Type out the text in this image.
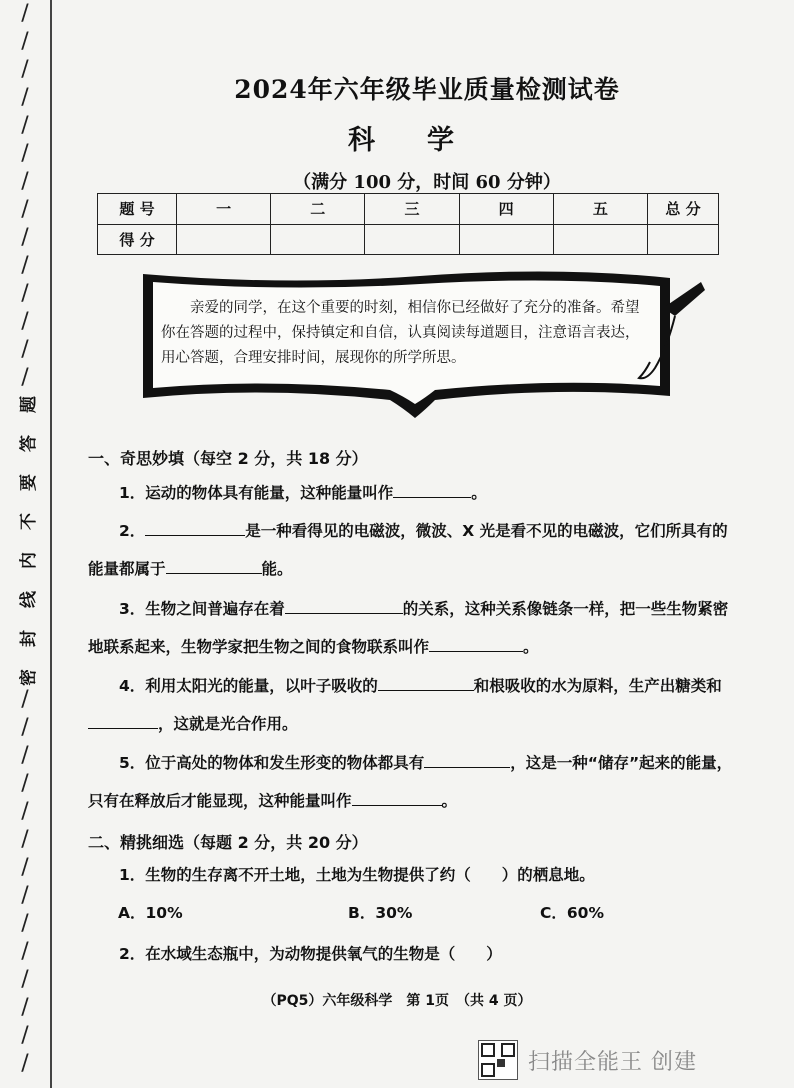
/
/
/
/
/
/
/
/
/
/
/
/
/
/
题
答
要
不
内
线
封
密
/
/
/
/
/
/
/
/
/
/
/
/
/
/
2024年六年级毕业质量检测试卷
科学
（满分 100 分，时间 60 分钟）
题 号	一	二	三	四	五	总 分
得 分						
亲爱的同学，在这个重要的时刻，相信你已经做好了充分的准备。希望你在答题的过程中，保持镇定和自信，认真阅读每道题目，注意语言表达，用心答题，合理安排时间，展现你的所学所思。
一、奇思妙填（每空 2 分，共 18 分）
1．运动的物体具有能量，这种能量叫作	。
2．	是一种看得见的电磁波，微波、X 光是看不见的电磁波，它们所具有的能量都属于	能。
3．生物之间普遍存在着	的关系，这种关系像链条一样，把一些生物紧密地联系起来，生物学家把生物之间的食物联系叫作	。
4．利用太阳光的能量，以叶子吸收的	和根吸收的水为原料，生产出糖类和，这就是光合作用。
5．位于高处的物体和发生形变的物体都具有	，这是一种“储存”起来的能量，只有在释放后才能显现，这种能量叫作	。
二、精挑细选（每题 2 分，共 20 分）
1．生物的生存离不开土地，土地为生物提供了约（　　）的栖息地。
A．10%	B．30%	C．60%
2．在水域生态瓶中，为动物提供氧气的生物是（　　）
（PQ5）六年级科学　第 1页　（共 4 页）
扫描全能王 创建
